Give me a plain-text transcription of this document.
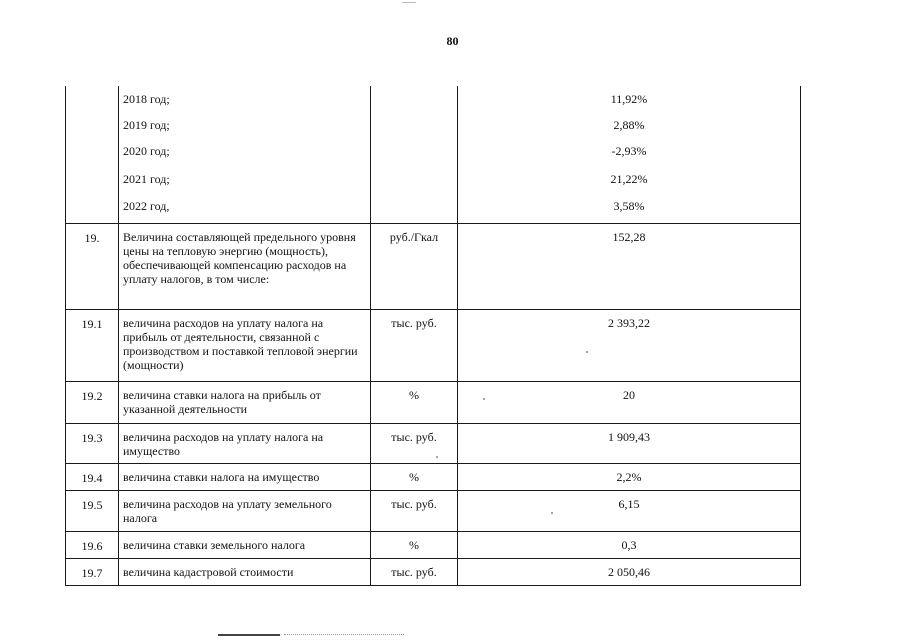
80
	2018 год;		11,92%
	2019 год;		2,88%
	2020 год;		-2,93%
	2021 год;		21,22%
	2022 год,		3,58%
19.	Величина составляющей предельного уровня цены на тепловую энергию (мощность), обеспечивающей компенсацию расходов на уплату налогов, в том числе:	руб./Гкал	152,28
19.1	величина расходов на уплату налога на прибыль от деятельности, связанной с производством и поставкой тепловой энергии (мощности)	тыс. руб.	2 393,22
19.2	величина ставки налога на прибыль от указанной деятельности	%	20
19.3	величина расходов на уплату налога на имущество	тыс. руб.	1 909,43
19.4	величина ставки налога на имущество	%	2,2%
19.5	величина расходов на уплату земельного налога	тыс. руб.	6,15
19.6	величина ставки земельного налога	%	0,3
19.7	величина кадастровой стоимости	тыс. руб.	2 050,46
